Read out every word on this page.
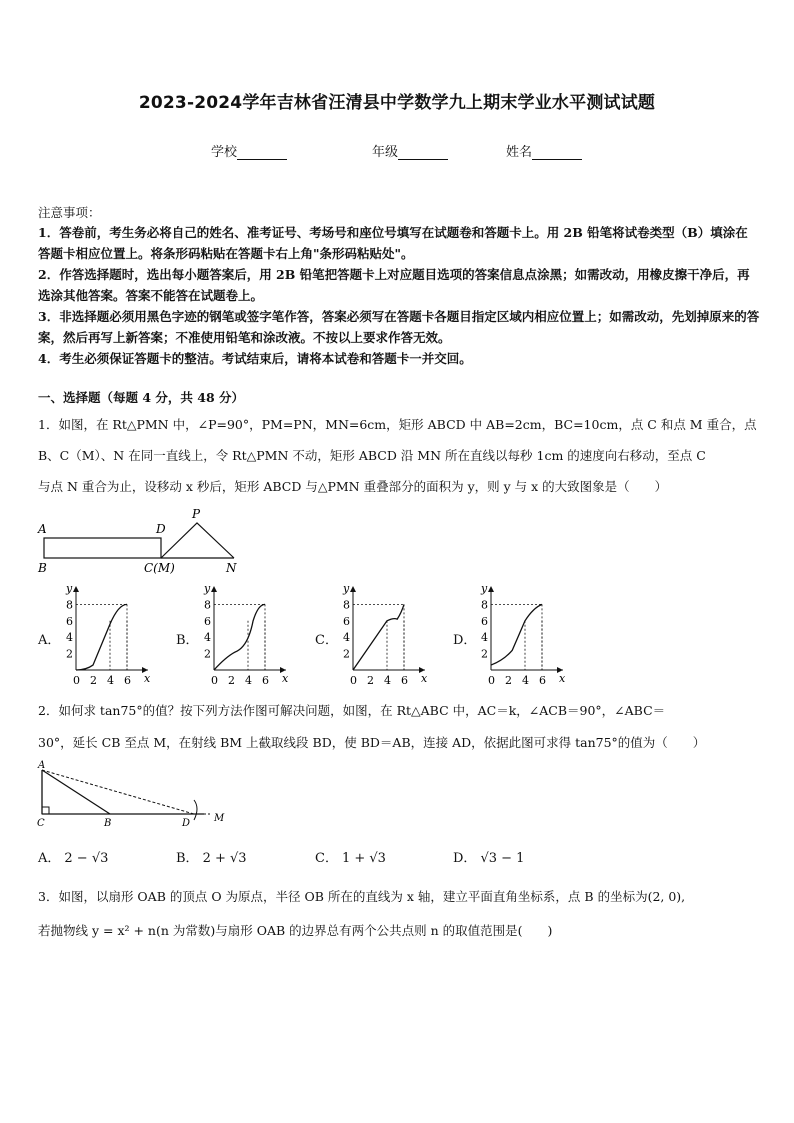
2023-2024学年吉林省汪清县中学数学九上期末学业水平测试试题
学校	年级	姓名
注意事项：

1．答卷前，考生务必将自己的姓名、准考证号、考场号和座位号填写在试题卷和答题卡上。用 2B 铅笔将试卷类型（B）填涂在答题卡相应位置上。将条形码粘贴在答题卡右上角"条形码粘贴处"。

2．作答选择题时，选出每小题答案后，用 2B 铅笔把答题卡上对应题目选项的答案信息点涂黑；如需改动，用橡皮擦干净后，再选涂其他答案。答案不能答在试题卷上。

3．非选择题必须用黑色字迹的钢笔或签字笔作答，答案必须写在答题卡各题目指定区域内相应位置上；如需改动，先划掉原来的答案，然后再写上新答案；不准使用铅笔和涂改液。不按以上要求作答无效。

4．考生必须保证答题卡的整洁。考试结束后，请将本试卷和答题卡一并交回。

一、选择题（每题 4 分，共 48 分）

1．如图，在 Rt△PMN 中，∠P=90°，PM=PN，MN=6cm，矩形 ABCD 中 AB=2cm，BC=10cm，点 C 和点 M 重合，点

B、C（M）、N 在同一直线上，令 Rt△PMN 不动，矩形 ABCD 沿 MN 所在直线以每秒 1cm 的速度向右移动，至点 C

与点 N 重合为止，设移动 x 秒后，矩形 ABCD 与△PMN 重叠部分的面积为 y，则 y 与 x 的大致图象是（　　）

A	D
P
B	C(M)	N
A．	B．	C．	D．
y
x
8
6
4
2
0 2 4 6
y
x
8
6
4
2
0 2 4 6
y
x
8
6
4
2
0 2 4 6
y
x
8
6
4
2
0 2 4 6

2．如何求 tan75°的值？按下列方法作图可解决问题，如图，在 Rt△ABC 中，AC＝k，∠ACB＝90°，∠ABC＝

30°，延长 CB 至点 M，在射线 BM 上截取线段 BD，使 BD＝AB，连接 AD，依据此图可求得 tan75°的值为（　　）

A
C	B	D M
A． 2 − √3	B． 2 + √3	C． 1 + √3	D． √3 − 1

3．如图，以扇形 OAB 的顶点 O 为原点，半径 OB 所在的直线为 x 轴，建立平面直角坐标系，点 B 的坐标为(2, 0),

若抛物线 y = x² + n(n 为常数)与扇形 OAB 的边界总有两个公共点则 n 的取值范围是(　　)
